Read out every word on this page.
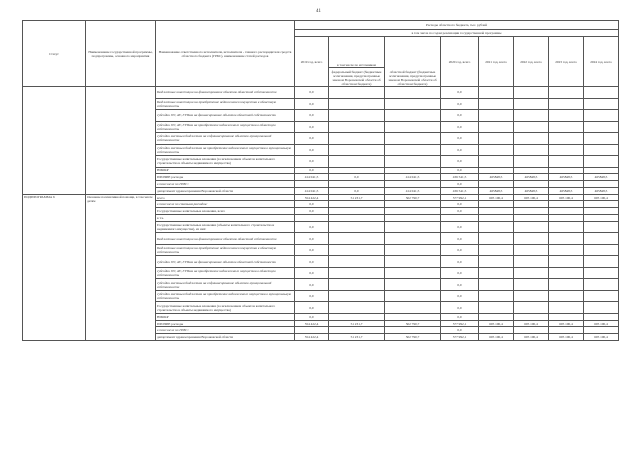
41
Статус	Наименование государственной программы, подпрограммы, основного мероприятия	Наименование ответственного исполнителя, исполнителя - главного распорядителя средств областного бюджета (ГРБС), наименование статей расходов	Расходы областного бюджета, тыс. рублей							
			в том числе по годам реализации государственной программы							
			2019 год, всего	в том числе по источникам
федеральный бюджет (бюджетные ассигнования, предусмотренные законом Воронежской области об областном бюджете)	областной бюджет (бюджетные ассигнования, предусмотренные законом Воронежской области об областном бюджете)	2020 год, всего	2021 год, всего	2022 год, всего	2023 год, всего	2024 год, всего
		Бюджетные инвестиции на финансирование объектов областной собственности	0,0			0,0				
		Бюджетные инвестиции на приобретение недвижимого имущества в областную собственность	0,0			0,0				
		субсидии ОУ, АУ, ГУПам на финансирование объектов областной собственности	0,0			0,0				
		субсидии ОУ, АУ, ГУПам на приобретение недвижимого имущества в областную собственность	0,0			0,0				
		субсидии местным бюджетам на софинансирование объектов муниципальной собственности	0,0			0,0				
		субсидии местным бюджетам на приобретение недвижимого имущества в муниципальную собственность	0,0			0,0				
		Государственные капитальные вложения (за исключением объектов капитального строительства в объекты недвижимого имущества)	0,0			0,0				
		НИОКР	0,0			0,0				
		ПРОЧИЕ расходы	414 041,5	0,0	414 041,5	436 541,5	465848,5	465848,5	465848,5	465848,5
		в том числе по ГРБС:				0,0				
		департамент здравоохранения Воронежской области	414 041,5	0,0	414 041,5	436 541,5	465848,5	465848,5	465848,5	465848,5
ПОДПРОГРАММА 6	Оказание паллиативной помощи, в том числе детям	всего	554 422,4	51 231,7	502 790,7	577 992,1	605 100,4	605 100,4	605 100,4	605 100,4
		в том числе по статьям расходов:	0,0			0,0				
		Государственные капитальные вложения, всего	0,0			0,0				
		в т.ч.								
		Государственные капитальные вложения (объекты капитального строительства и недвижимого имущества), из них:	0,0			0,0				
		Бюджетные инвестиции на финансирование объектов областной собственности	0,0			0,0				
		Бюджетные инвестиции на приобретение недвижимого имущества в областную собственность	0,0			0,0				
		субсидии ОУ, АУ, ГУПам на финансирование объектов областной собственности	0,0			0,0				
		субсидии ОУ, АУ, ГУПам на приобретение недвижимого имущества в областную собственность	0,0			0,0				
		субсидии местным бюджетам на софинансирование объектов муниципальной собственности	0,0			0,0				
		субсидии местным бюджетам на приобретение недвижимого имущества в муниципальную собственность	0,0			0,0				
		Государственные капитальные вложения (за исключением объектов капитального строительства в объекты недвижимого имущества)	0,0			0,0				
		НИОКР	0,0			0,0				
		ПРОЧИЕ расходы	554 422,4	51 231,7	502 790,7	577 992,1	605 100,4	605 100,4	605 100,4	605 100,4
		в том числе по ГРБС:				0,0				
		департамент здравоохранения Воронежской области	554 422,4	51 231,7	502 790,7	577 992,1	605 100,4	605 100,4	605 100,4	605 100,4
